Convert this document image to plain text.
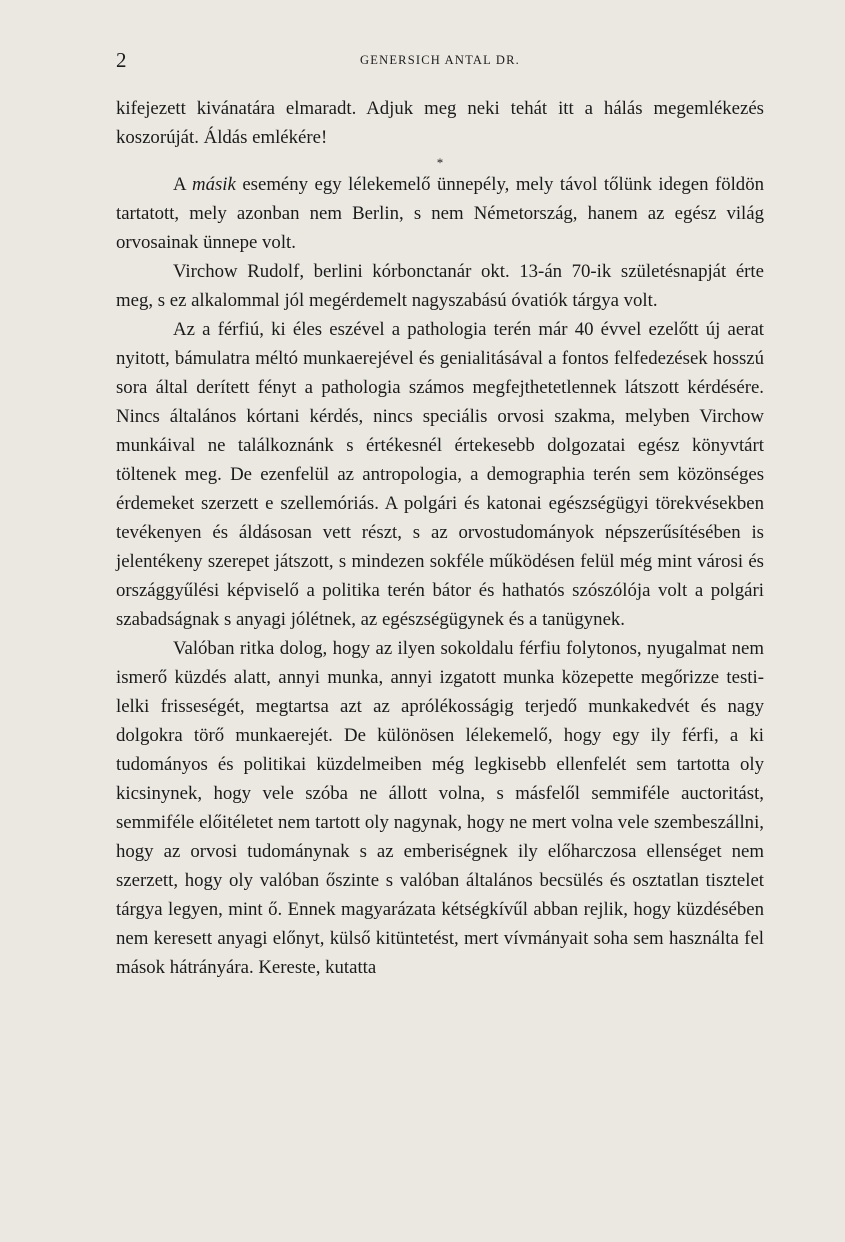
2	GENERSICH ANTAL DR.

kifejezett kivánatára elmaradt. Adjuk meg neki tehát itt a hálás megemlékezés koszorúját. Áldás emlékére!

*

A másik esemény egy lélekemelő ünnepély, mely távol tőlünk idegen földön tartatott, mely azonban nem Berlin, s nem Németország, hanem az egész világ orvosainak ünnepe volt.

Virchow Rudolf, berlini kórbonctanár okt. 13-án 70-ik születésnapját érte meg, s ez alkalommal jól megérdemelt nagyszabású óvatiók tárgya volt.

Az a férfiú, ki éles eszével a pathologia terén már 40 évvel ezelőtt új aerat nyitott, bámulatra méltó munkaerejével és genialitásával a fontos felfedezések hosszú sora által derített fényt a pathologia számos megfejthetetlennek látszott kérdésére. Nincs általános kórtani kérdés, nincs speciális orvosi szakma, melyben Virchow munkáival ne találkoznánk s értékesnél értekesebb dolgozatai egész könyvtárt töltenek meg. De ezenfelül az antropologia, a demographia terén sem közönséges érdemeket szerzett e szellemóriás. A polgári és katonai egészségügyi törekvésekben tevékenyen és áldásosan vett részt, s az orvostudományok népszerűsítésében is jelentékeny szerepet játszott, s mindezen sokféle működésen felül még mint városi és országgyűlési képviselő a politika terén bátor és hathatós szószólója volt a polgári szabadságnak s anyagi jólétnek, az egészségügynek és a tanügynek.

Valóban ritka dolog, hogy az ilyen sokoldalu férfiu folytonos, nyugalmat nem ismerő küzdés alatt, annyi munka, annyi izgatott munka közepette megőrizze testi-lelki frisseségét, megtartsa azt az aprólékosságig terjedő munkakedvét és nagy dolgokra törő munkaerejét. De különösen lélekemelő, hogy egy ily férfi, a ki tudományos és politikai küzdelmeiben még legkisebb ellenfelét sem tartotta oly kicsinynek, hogy vele szóba ne állott volna, s másfelől semmiféle auctoritást, semmiféle előitéletet nem tartott oly nagynak, hogy ne mert volna vele szembeszállni, hogy az orvosi tudománynak s az emberiségnek ily előharczosa ellenséget nem szerzett, hogy oly valóban őszinte s valóban általános becsülés és osztatlan tisztelet tárgya legyen, mint ő. Ennek magyarázata kétségkívűl abban rejlik, hogy küzdésében nem keresett anyagi előnyt, külső kitüntetést, mert vívmányait soha sem használta fel mások hátrányára. Kereste, kutatta
